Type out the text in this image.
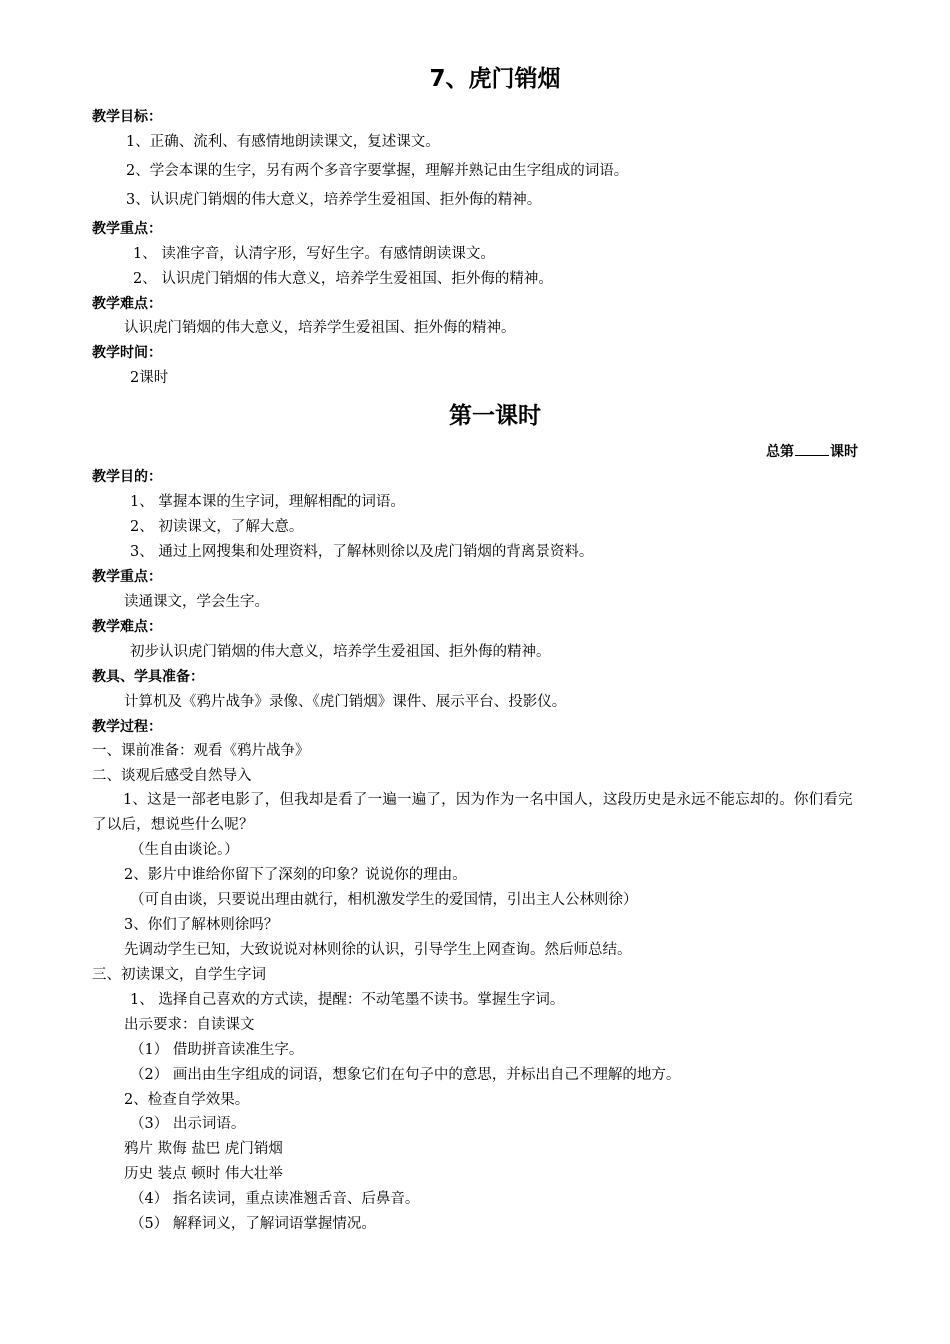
7、虎门销烟
教学目标：
1、正确、流利、有感情地朗读课文，复述课文。
2、学会本课的生字，另有两个多音字要掌握，理解并熟记由生字组成的词语。
3、认识虎门销烟的伟大意义，培养学生爱祖国、拒外侮的精神。
教学重点：
1、 读准字音，认清字形，写好生字。有感情朗读课文。
2、 认识虎门销烟的伟大意义，培养学生爱祖国、拒外侮的精神。
教学难点：
认识虎门销烟的伟大意义，培养学生爱祖国、拒外侮的精神。
教学时间：
2课时
第一课时
总第	课时
教学目的：
1、 掌握本课的生字词，理解相配的词语。
2、 初读课文，了解大意。
3、 通过上网搜集和处理资料，了解林则徐以及虎门销烟的背离景资料。
教学重点：
读通课文，学会生字。
教学难点：
初步认识虎门销烟的伟大意义，培养学生爱祖国、拒外侮的精神。
教具、学具准备：
计算机及《鸦片战争》录像、《虎门销烟》课件、展示平台、投影仪。
教学过程：
一、课前准备：观看《鸦片战争》
二、谈观后感受自然导入
1、这是一部老电影了，但我却是看了一遍一遍了，因为作为一名中国人，这段历史是永远不能忘却的。你们看完了以后，想说些什么呢？
（生自由谈论。）
2、影片中谁给你留下了深刻的印象？说说你的理由。
（可自由谈，只要说出理由就行，相机激发学生的爱国情，引出主人公林则徐）
3、你们了解林则徐吗？
先调动学生已知，大致说说对林则徐的认识，引导学生上网查询。然后师总结。
三、初读课文，自学生字词
1、 选择自己喜欢的方式读，提醒：不动笔墨不读书。掌握生字词。
出示要求：自读课文
（1） 借助拼音读准生字。
（2） 画出由生字组成的词语，想象它们在句子中的意思，并标出自己不理解的地方。
2、检查自学效果。
（3） 出示词语。
鸦片 欺侮 盐巴 虎门销烟
历史 装点 顿时 伟大壮举
（4） 指名读词，重点读准翘舌音、后鼻音。
（5） 解释词义，了解词语掌握情况。
